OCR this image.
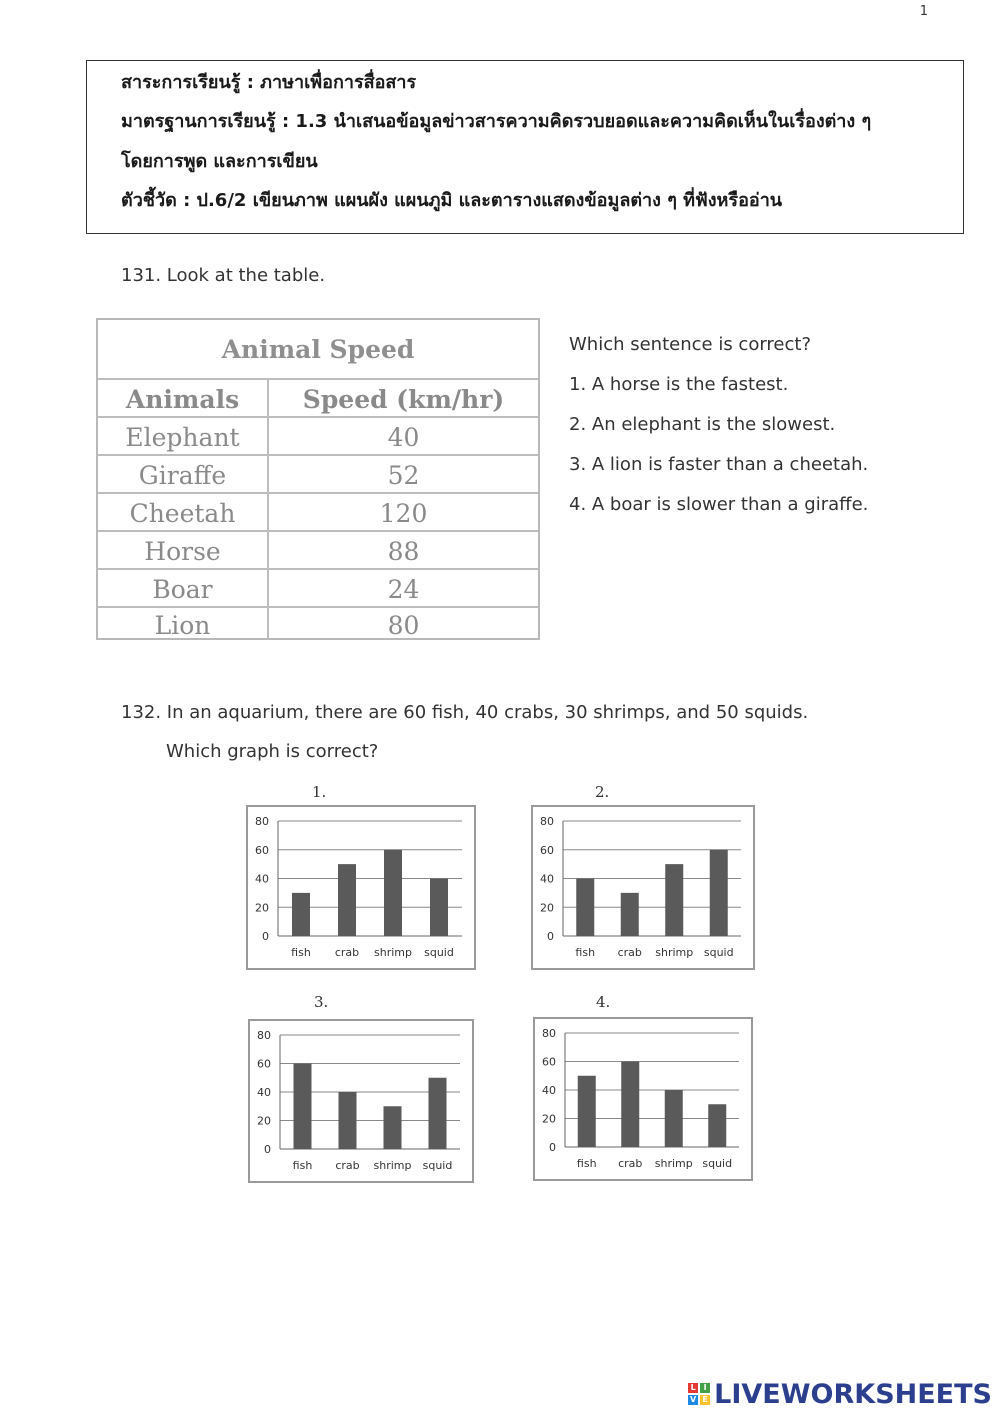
1
สาระการเรียนรู้ : ภาษาเพื่อการสื่อสาร
มาตรฐานการเรียนรู้ : 1.3 นำเสนอข้อมูลข่าวสารความคิดรวบยอดและความคิดเห็นในเรื่องต่าง ๆ
โดยการพูด และการเขียน
ตัวชี้วัด : ป.6/2 เขียนภาพ แผนผัง แผนภูมิ และตารางแสดงข้อมูลต่าง ๆ ที่ฟังหรืออ่าน
131. Look at the table.
Animal Speed
Animals	Speed (km/hr)
Elephant	40
Giraffe	52
Cheetah	120
Horse	88
Boar	24
Lion	80
Which sentence is correct?
1. A horse is the fastest.
2. An elephant is the slowest.
3. A lion is faster than a cheetah.
4. A boar is slower than a giraffe.
132. In an aquarium, there are 60 fish, 40 crabs, 30 shrimps, and 50 squids.
Which graph is correct?
1.
0
20
40
60
80
fish crab shrimp squid
2.
0
20
40
60
80
fish crab shrimp squid
3.
0
20
40
60
80
fish crab shrimp squid
4.
0
20
40
60
80
fish crab shrimp squid
L I
V E LIVEWORKSHEETS
